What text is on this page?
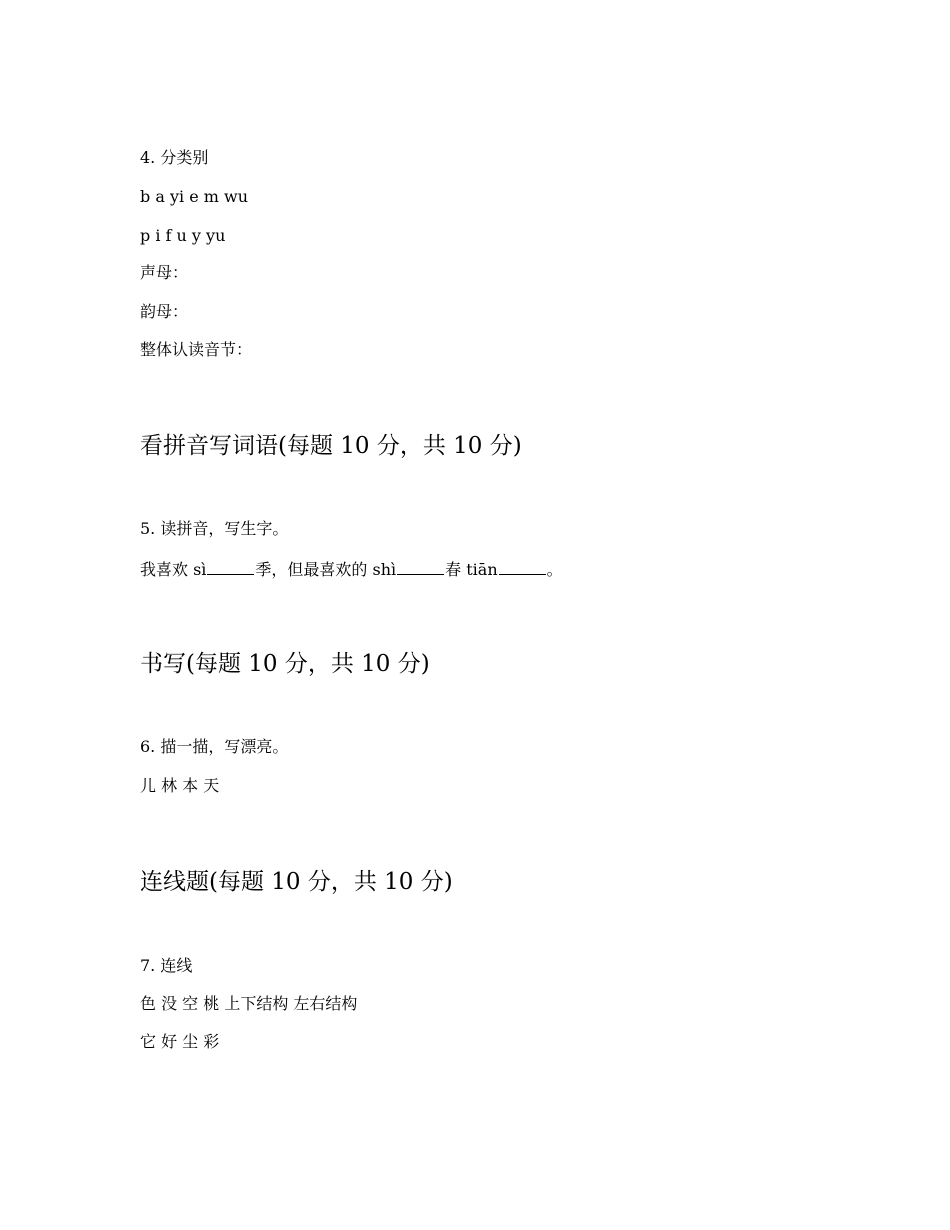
4. 分类别
b a yi e m wu
p i f u y yu
声母：
韵母：
整体认读音节：
看拼音写词语(每题 10 分，共 10 分)
5. 读拼音，写生字。
我喜欢 sì	季，但最喜欢的 shì	春 tiān	。
书写(每题 10 分，共 10 分)
6. 描一描，写漂亮。
儿 林 本 天
连线题(每题 10 分，共 10 分)
7. 连线
色 没 空 桃 上下结构 左右结构
它 好 尘 彩
